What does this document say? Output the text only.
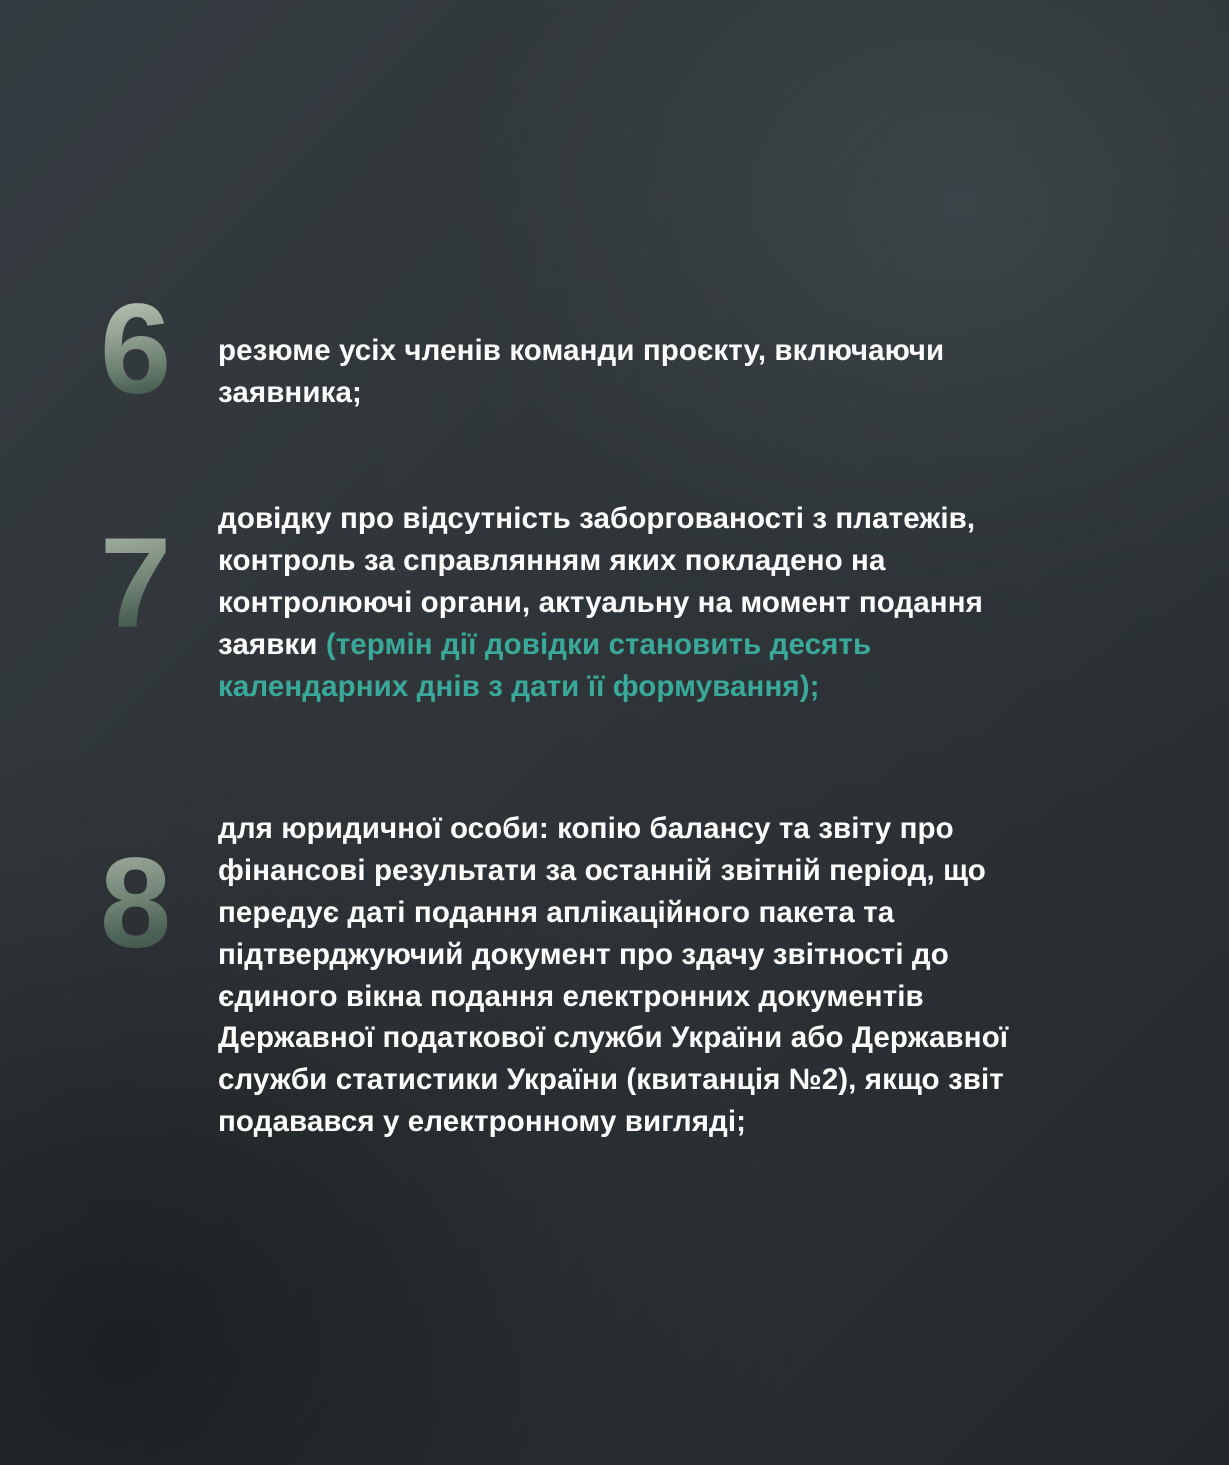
6	резюме усіх членів команди проєкту, включаючи заявника;
7	довідку про відсутність заборгованості з платежів, контроль за справлянням яких покладено на контролюючі органи, актуальну на момент подання заявки (термін дії довідки становить десять календарних днів з дати її формування);
8
для юридичної особи: копію балансу та звіту про фінансові результати за останній звітній період, що передує даті подання аплікаційного пакета та підтверджуючий документ про здачу звітності до єдиного вікна подання електронних документів Державної податкової служби України або Державної служби статистики України (квитанція №2), якщо звіт подавався у електронному вигляді;
